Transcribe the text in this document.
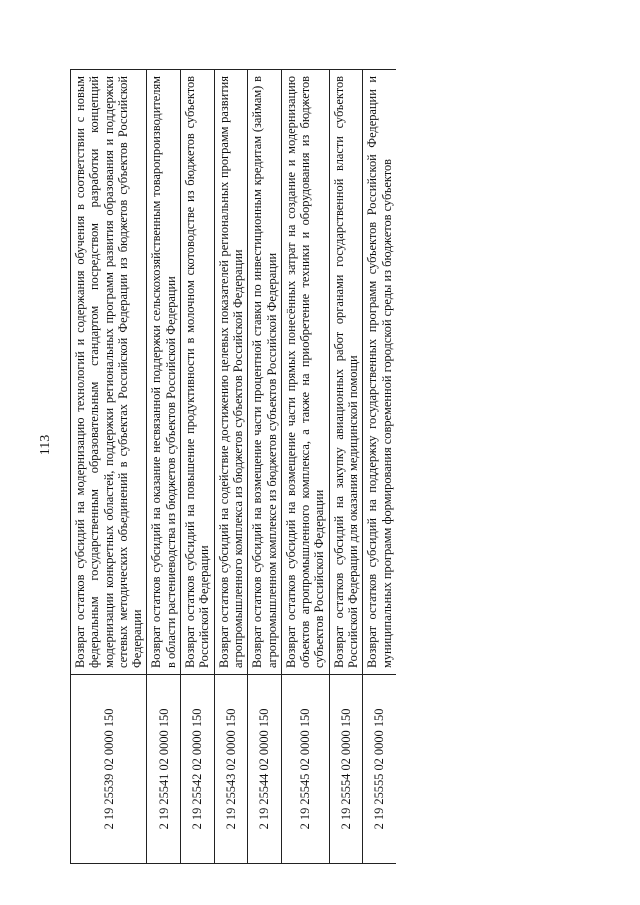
113
2 19 25539 02 0000 150	Возврат остатков субсидий на модернизацию технологий и содержания обучения в соответствии с новым федеральным государственным образовательным стандартом посредством разработки концепций модернизации конкретных областей, поддержки региональных программ развития образования и поддержки сетевых методических объединений в субъектах Российской Федерации из бюджетов субъектов Российской Федерации
2 19 25541 02 0000 150	Возврат остатков субсидий на оказание несвязанной поддержки сельскохозяйственным товаропроизводителям в области растениеводства из бюджетов субъектов Российской Федерации
2 19 25542 02 0000 150	Возврат остатков субсидий на повышение продуктивности в молочном скотоводстве из бюджетов субъектов Российской Федерации
2 19 25543 02 0000 150	Возврат остатков субсидий на содействие достижению целевых показателей региональных программ развития агропромышленного комплекса из бюджетов субъектов Российской Федерации
2 19 25544 02 0000 150	Возврат остатков субсидий на возмещение части процентной ставки по инвестиционным кредитам (займам) в агропромышленном комплексе из бюджетов субъектов Российской Федерации
2 19 25545 02 0000 150	Возврат остатков субсидий на возмещение части прямых понесённых затрат на создание и модернизацию объектов агропромышленного комплекса, а также на приобретение техники и оборудования из бюджетов субъектов Российской Федерации
2 19 25554 02 0000 150	Возврат остатков субсидий на закупку авиационных работ органами государственной власти субъектов Российской Федерации для оказания медицинской помощи
2 19 25555 02 0000 150	Возврат остатков субсидий на поддержку государственных программ субъектов Российской Федерации и муниципальных программ формирования современной городской среды из бюджетов субъектов
